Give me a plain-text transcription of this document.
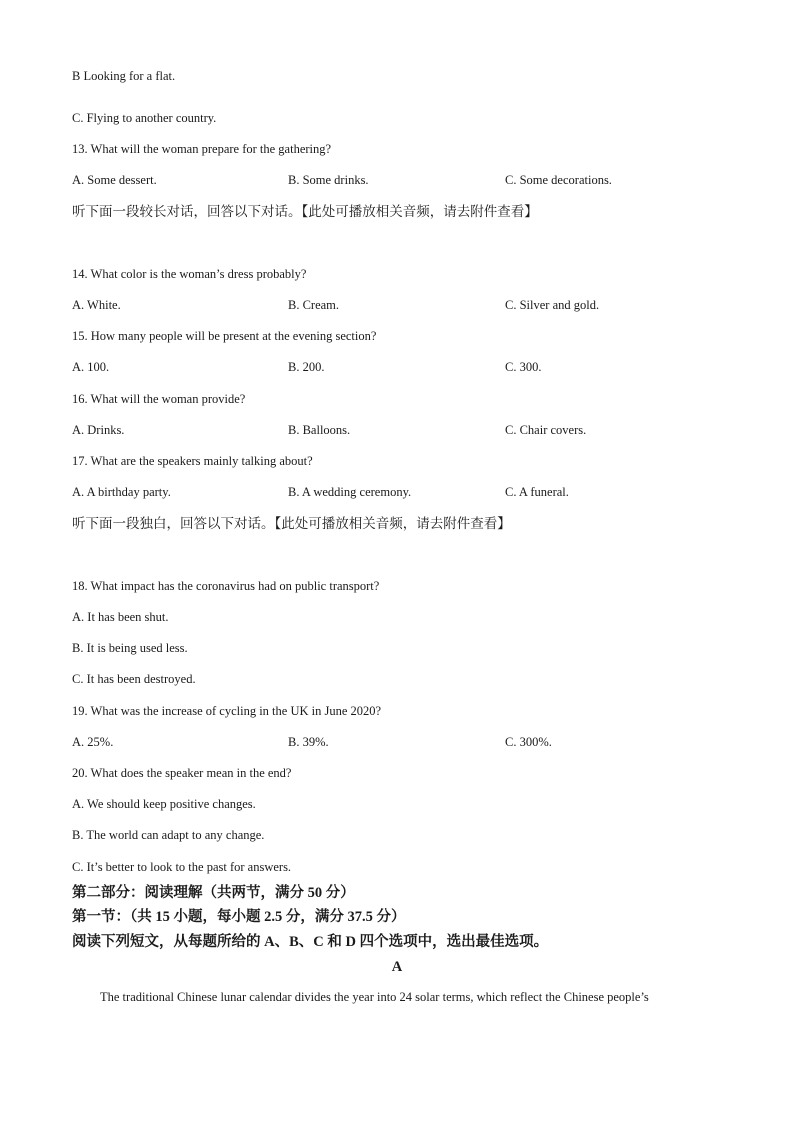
B Looking for a flat.
C. Flying to another country.
13. What will the woman prepare for the gathering?
A. Some dessert.	B. Some drinks.	C. Some decorations.
听下面一段较长对话，回答以下对话。【此处可播放相关音频，请去附件查看】
14. What color is the woman’s dress probably?
A. White.	B. Cream.	C. Silver and gold.
15. How many people will be present at the evening section?
A. 100.	B. 200.	C. 300.
16. What will the woman provide?
A. Drinks.	B. Balloons.	C. Chair covers.
17. What are the speakers mainly talking about?
A. A birthday party.	B. A wedding ceremony.	C. A funeral.
听下面一段独白，回答以下对话。【此处可播放相关音频，请去附件查看】
18. What impact has the coronavirus had on public transport?
A. It has been shut.
B. It is being used less.
C. It has been destroyed.
19. What was the increase of cycling in the UK in June 2020?
A. 25%.	B. 39%.	C. 300%.
20. What does the speaker mean in the end?
A. We should keep positive changes.
B. The world can adapt to any change.
C. It’s better to look to the past for answers.
第二部分：阅读理解（共两节，满分 50 分）
第一节：（共 15 小题，每小题 2.5 分，满分 37.5 分）
阅读下列短文，从每题所给的 A、B、C 和 D 四个选项中，选出最佳选项。
A
The traditional Chinese lunar calendar divides the year into 24 solar terms, which reflect the Chinese people’s
